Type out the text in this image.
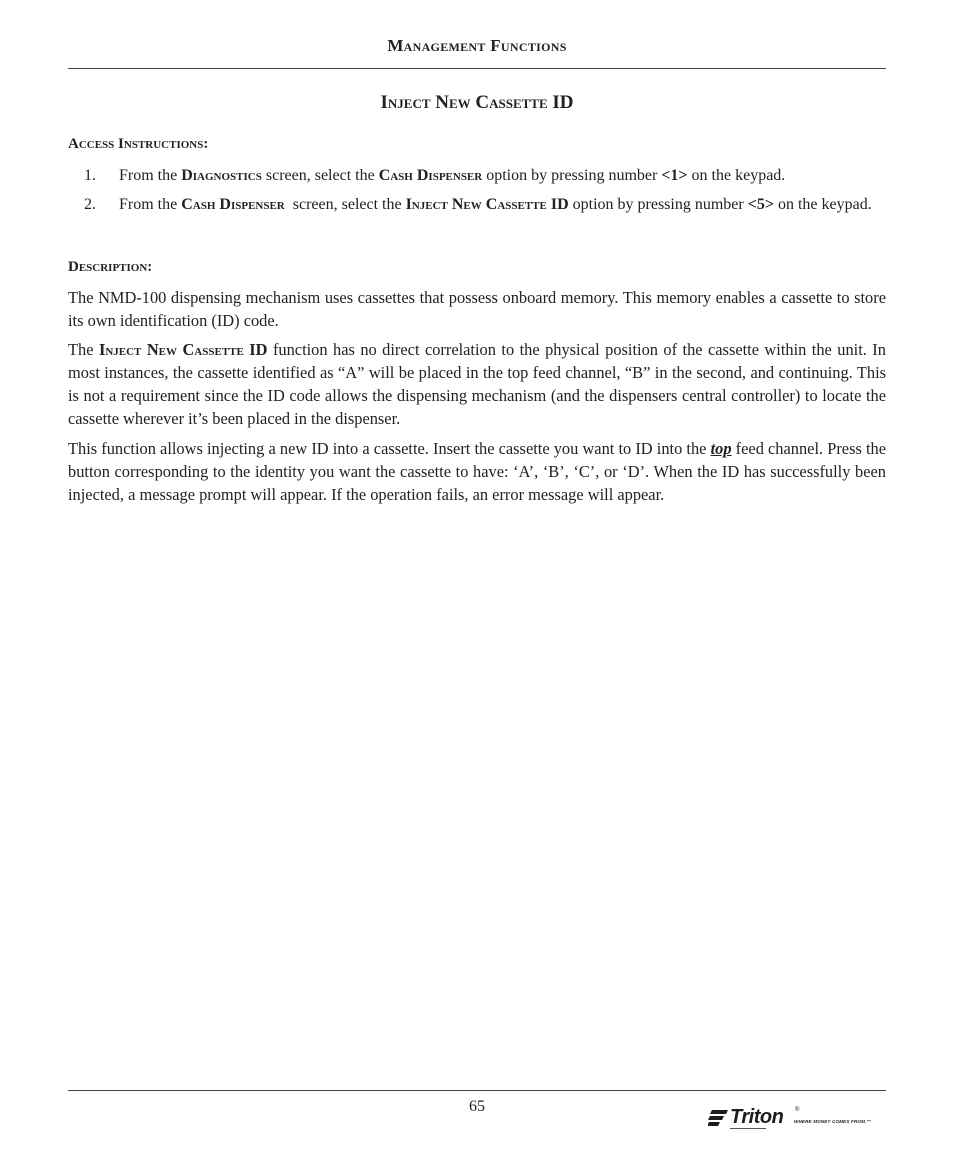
Management Functions
Inject New Cassette ID
Access Instructions:
1.	From the Diagnostics screen, select the Cash Dispenser option by pressing number <1> on the keypad.
2.	From the Cash Dispenser  screen, select the Inject New Cassette ID option by pressing number <5> on the keypad.
Description:
The NMD-100 dispensing mechanism uses cassettes that possess onboard memory. This memory enables a cassette to store its own identification (ID) code.
The Inject New Cassette ID function has no direct correlation to the physical position of the cassette within the unit. In most instances, the cassette identified as “A” will be placed in the top feed channel, “B” in the second, and continuing. This is not a requirement since the ID code allows the dispensing mechanism (and the dispensers central controller) to locate the cassette wherever it’s been placed in the dispenser.
This function allows injecting a new ID into a cassette. Insert the cassette you want to ID into the top feed channel. Press the button corresponding to the identity you want the cassette to have: ‘A’, ‘B’, ‘C’, or ‘D’. When the ID has successfully been injected, a message prompt will appear. If the operation fails, an error message will appear.
65	Triton ®
WHERE MONEY COMES FROM.™
